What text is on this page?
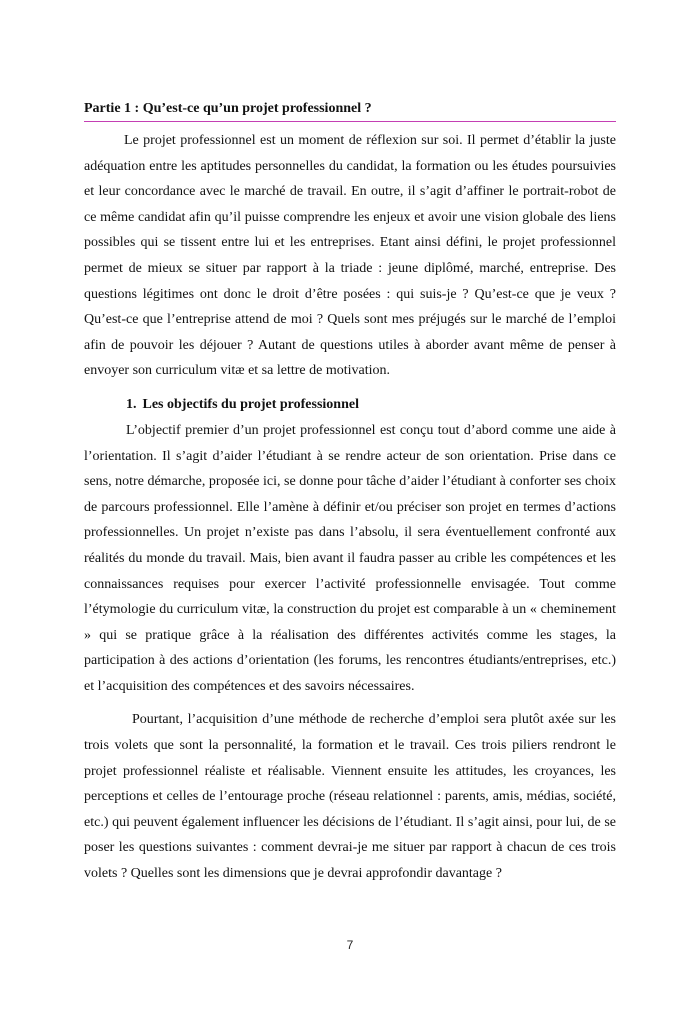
Partie 1 : Qu’est-ce qu’un projet professionnel ?

Le projet professionnel est un moment de réflexion sur soi. Il permet d’établir la juste adéquation entre les aptitudes personnelles du candidat, la formation ou les études poursuivies et leur concordance avec le marché de travail. En outre, il s’agit d’affiner le portrait-robot de ce même candidat afin qu’il puisse comprendre les enjeux et avoir une vision globale des liens possibles qui se tissent entre lui et les entreprises. Etant ainsi défini, le projet professionnel permet de mieux se situer par rapport à la triade : jeune diplômé, marché, entreprise. Des questions légitimes ont donc le droit d’être posées : qui suis-je ? Qu’est-ce que je veux ? Qu’est-ce que l’entreprise attend de moi ? Quels sont mes préjugés sur le marché de l’emploi afin de pouvoir les déjouer ? Autant de questions utiles à aborder avant même de penser à envoyer son curriculum vitæ et sa lettre de motivation.

1. Les objectifs du projet professionnel

L’objectif premier d’un projet professionnel est conçu tout d’abord comme une aide à l’orientation. Il s’agit d’aider l’étudiant à se rendre acteur de son orientation. Prise dans ce sens, notre démarche, proposée ici, se donne pour tâche d’aider l’étudiant à conforter ses choix de parcours professionnel. Elle l’amène à définir et/ou préciser son projet en termes d’actions professionnelles. Un projet n’existe pas dans l’absolu, il sera éventuellement confronté aux réalités du monde du travail. Mais, bien avant il faudra passer au crible les compétences et les connaissances requises pour exercer l’activité professionnelle envisagée. Tout comme l’étymologie du curriculum vitæ, la construction du projet est comparable à un « cheminement » qui se pratique grâce à la réalisation des différentes activités comme les stages, la participation à des actions d’orientation (les forums, les rencontres étudiants/entreprises, etc.) et l’acquisition des compétences et des savoirs nécessaires.

Pourtant, l’acquisition d’une méthode de recherche d’emploi sera plutôt axée sur les trois volets que sont la personnalité, la formation et le travail. Ces trois piliers rendront le projet professionnel réaliste et réalisable. Viennent ensuite les attitudes, les croyances, les perceptions et celles de l’entourage proche (réseau relationnel : parents, amis, médias, société, etc.) qui peuvent également influencer les décisions de l’étudiant. Il s’agit ainsi, pour lui, de se poser les questions suivantes : comment devrai-je me situer par rapport à chacun de ces trois volets ? Quelles sont les dimensions que je devrai approfondir davantage ?

7
